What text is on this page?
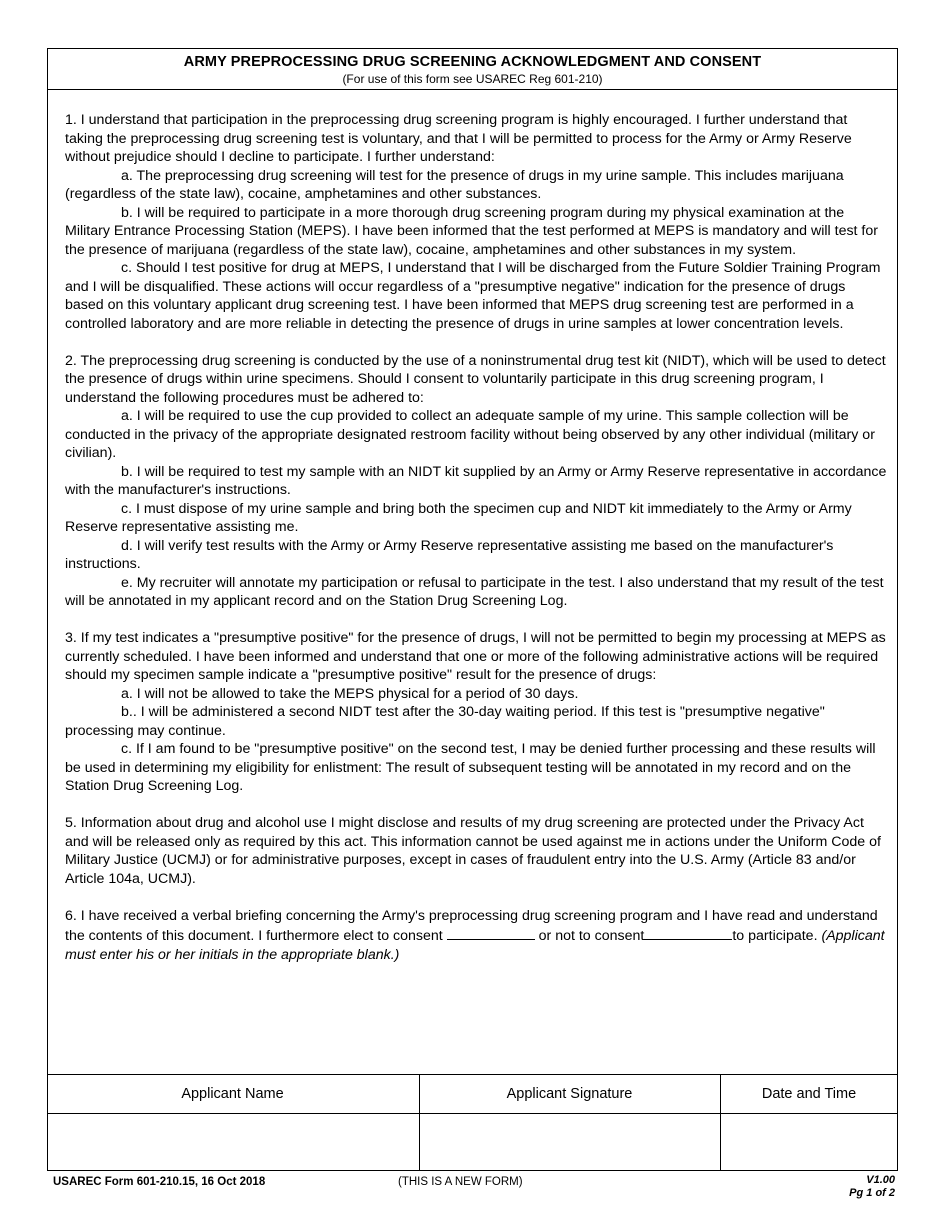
ARMY PREPROCESSING DRUG SCREENING ACKNOWLEDGMENT AND CONSENT
(For use of this form see USAREC Reg 601-210)

1. I understand that participation in the preprocessing drug screening program is highly encouraged. I further understand that taking the preprocessing drug screening test is voluntary, and that I will be permitted to process for the Army or Army Reserve without prejudice should I decline to participate. I further understand:

a. The preprocessing drug screening will test for the presence of drugs in my urine sample. This includes marijuana (regardless of the state law), cocaine, amphetamines and other substances.

b. I will be required to participate in a more thorough drug screening program during my physical examination at the Military Entrance Processing Station (MEPS). I have been informed that the test performed at MEPS is mandatory and will test for the presence of marijuana (regardless of the state law), cocaine, amphetamines and other substances in my system.

c. Should I test positive for drug at MEPS, I understand that I will be discharged from the Future Soldier Training Program and I will be disqualified. These actions will occur regardless of a "presumptive negative" indication for the presence of drugs based on this voluntary applicant drug screening test. I have been informed that MEPS drug screening test are performed in a controlled laboratory and are more reliable in detecting the presence of drugs in urine samples at lower concentration levels.

2. The preprocessing drug screening is conducted by the use of a noninstrumental drug test kit (NIDT), which will be used to detect the presence of drugs within urine specimens. Should I consent to voluntarily participate in this drug screening program, I understand the following procedures must be adhered to:

a. I will be required to use the cup provided to collect an adequate sample of my urine. This sample collection will be conducted in the privacy of the appropriate designated restroom facility without being observed by any other individual (military or civilian).

b. I will be required to test my sample with an NIDT kit supplied by an Army or Army Reserve representative in accordance with the manufacturer's instructions.

c. I must dispose of my urine sample and bring both the specimen cup and NIDT kit immediately to the Army or Army Reserve representative assisting me.

d. I will verify test results with the Army or Army Reserve representative assisting me based on the manufacturer's instructions.

e. My recruiter will annotate my participation or refusal to participate in the test. I also understand that my result of the test will be annotated in my applicant record and on the Station Drug Screening Log.

3. If my test indicates a "presumptive positive" for the presence of drugs, I will not be permitted to begin my processing at MEPS as currently scheduled. I have been informed and understand that one or more of the following administrative actions will be required should my specimen sample indicate a "presumptive positive" result for the presence of drugs:

a. I will not be allowed to take the MEPS physical for a period of 30 days.

b.. I will be administered a second NIDT test after the 30-day waiting period. If this test is "presumptive negative" processing may continue.

c. If I am found to be "presumptive positive" on the second test, I may be denied further processing and these results will be used in determining my eligibility for enlistment: The result of subsequent testing will be annotated in my record and on the Station Drug Screening Log.

5. Information about drug and alcohol use I might disclose and results of my drug screening are protected under the Privacy Act and will be released only as required by this act. This information cannot be used against me in actions under the Uniform Code of Military Justice (UCMJ) or for administrative purposes, except in cases of fraudulent entry into the U.S. Army (Article 83 and/or Article 104a, UCMJ).

6. I have received a verbal briefing concerning the Army's preprocessing drug screening program and I have read and understand the contents of this document. I furthermore elect to consent	or not to consent	to participate. (Applicant must enter his or her initials in the appropriate blank.)

Applicant Name	Applicant Signature	Date and Time

USAREC Form 601-210.15, 16 Oct 2018	(THIS IS A NEW FORM)	V1.00
Pg 1 of 2
